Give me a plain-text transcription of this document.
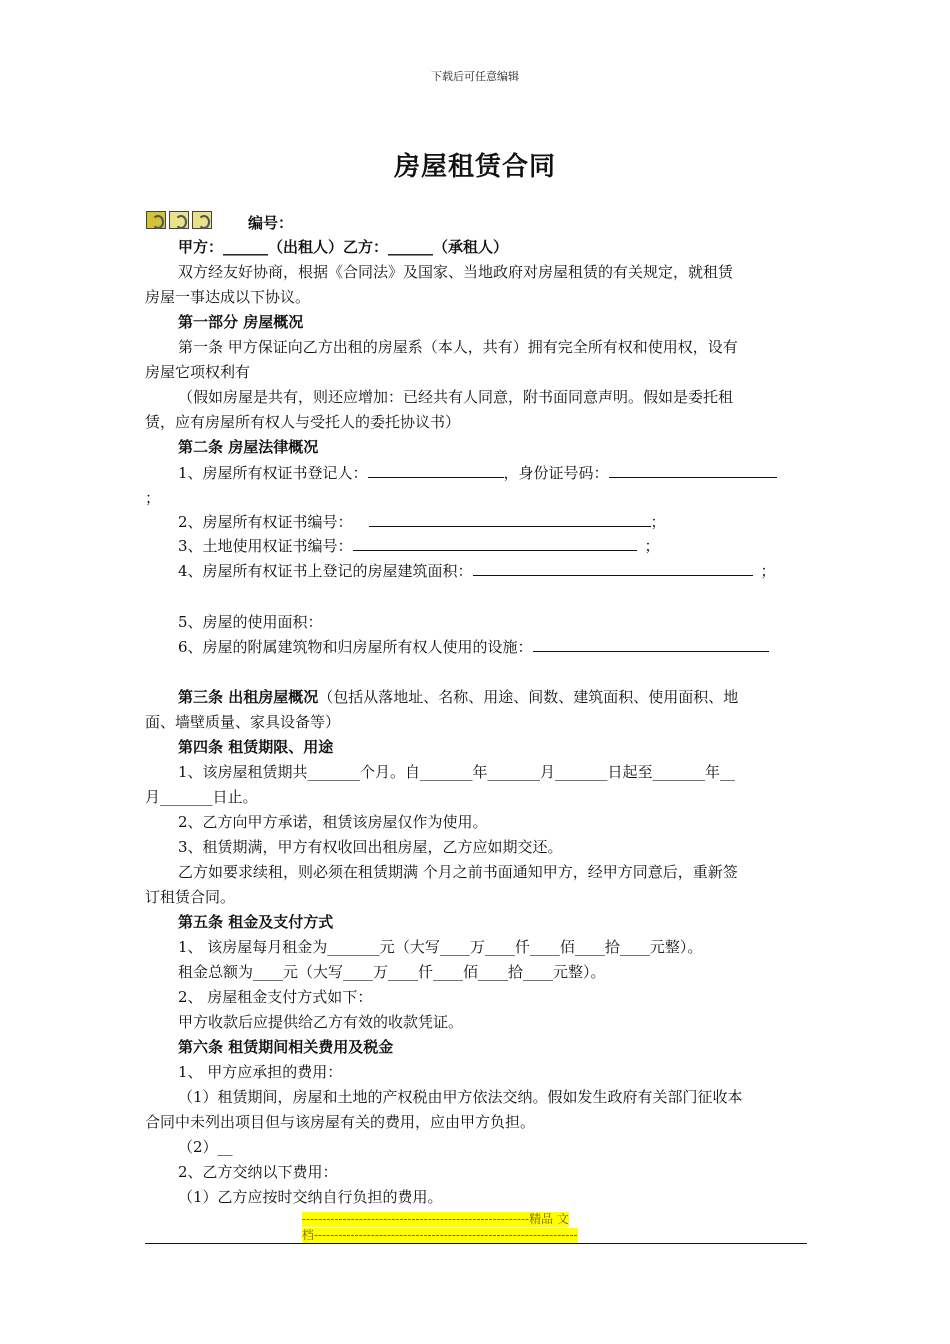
下载后可任意编辑
房屋租赁合同
编号：
甲方：______（出租人）乙方：______（承租人）
双方经友好协商，根据《合同法》及国家、当地政府对房屋租赁的有关规定，就租赁
房屋一事达成以下协议。
第一部分 房屋概况
第一条 甲方保证向乙方出租的房屋系（本人，共有）拥有完全所有权和使用权，设有
房屋它项权利有
（假如房屋是共有，则还应增加：已经共有人同意，附书面同意声明。假如是委托租
赁，应有房屋所有权人与受托人的委托协议书）
第二条 房屋法律概况
1、房屋所有权证书登记人：	，身份证号码：
；
2、房屋所有权证书编号：	；
3、土地使用权证书编号：	；
4、房屋所有权证书上登记的房屋建筑面积：	；
5、房屋的使用面积：
6、房屋的附属建筑物和归房屋所有权人使用的设施：
第三条 出租房屋概况（包括从落地址、名称、用途、间数、建筑面积、使用面积、地
面、墙壁质量、家具设备等）
第四条 租赁期限、用途
1、该房屋租赁期共_______个月。自_______年_______月_______日起至_______年__
月_______日止。
2、乙方向甲方承诺，租赁该房屋仅作为使用。
3、租赁期满，甲方有权收回出租房屋，乙方应如期交还。
乙方如要求续租，则必须在租赁期满 个月之前书面通知甲方，经甲方同意后，重新签
订租赁合同。
第五条 租金及支付方式
1、 该房屋每月租金为_______元（大写____万____仟____佰____拾____元整）。
租金总额为____元（大写____万____仟____佰____拾____元整）。
2、 房屋租金支付方式如下：
甲方收款后应提供给乙方有效的收款凭证。
第六条 租赁期间相关费用及税金
1、 甲方应承担的费用：
（1）租赁期间，房屋和土地的产权税由甲方依法交纳。假如发生政府有关部门征收本
合同中未列出项目但与该房屋有关的费用，应由甲方负担。
（2）__
2、乙方交纳以下费用：
（1）乙方应按时交纳自行负担的费用。
--------------------------------------------------------精品 文
档-----------------------------------------------------------------
